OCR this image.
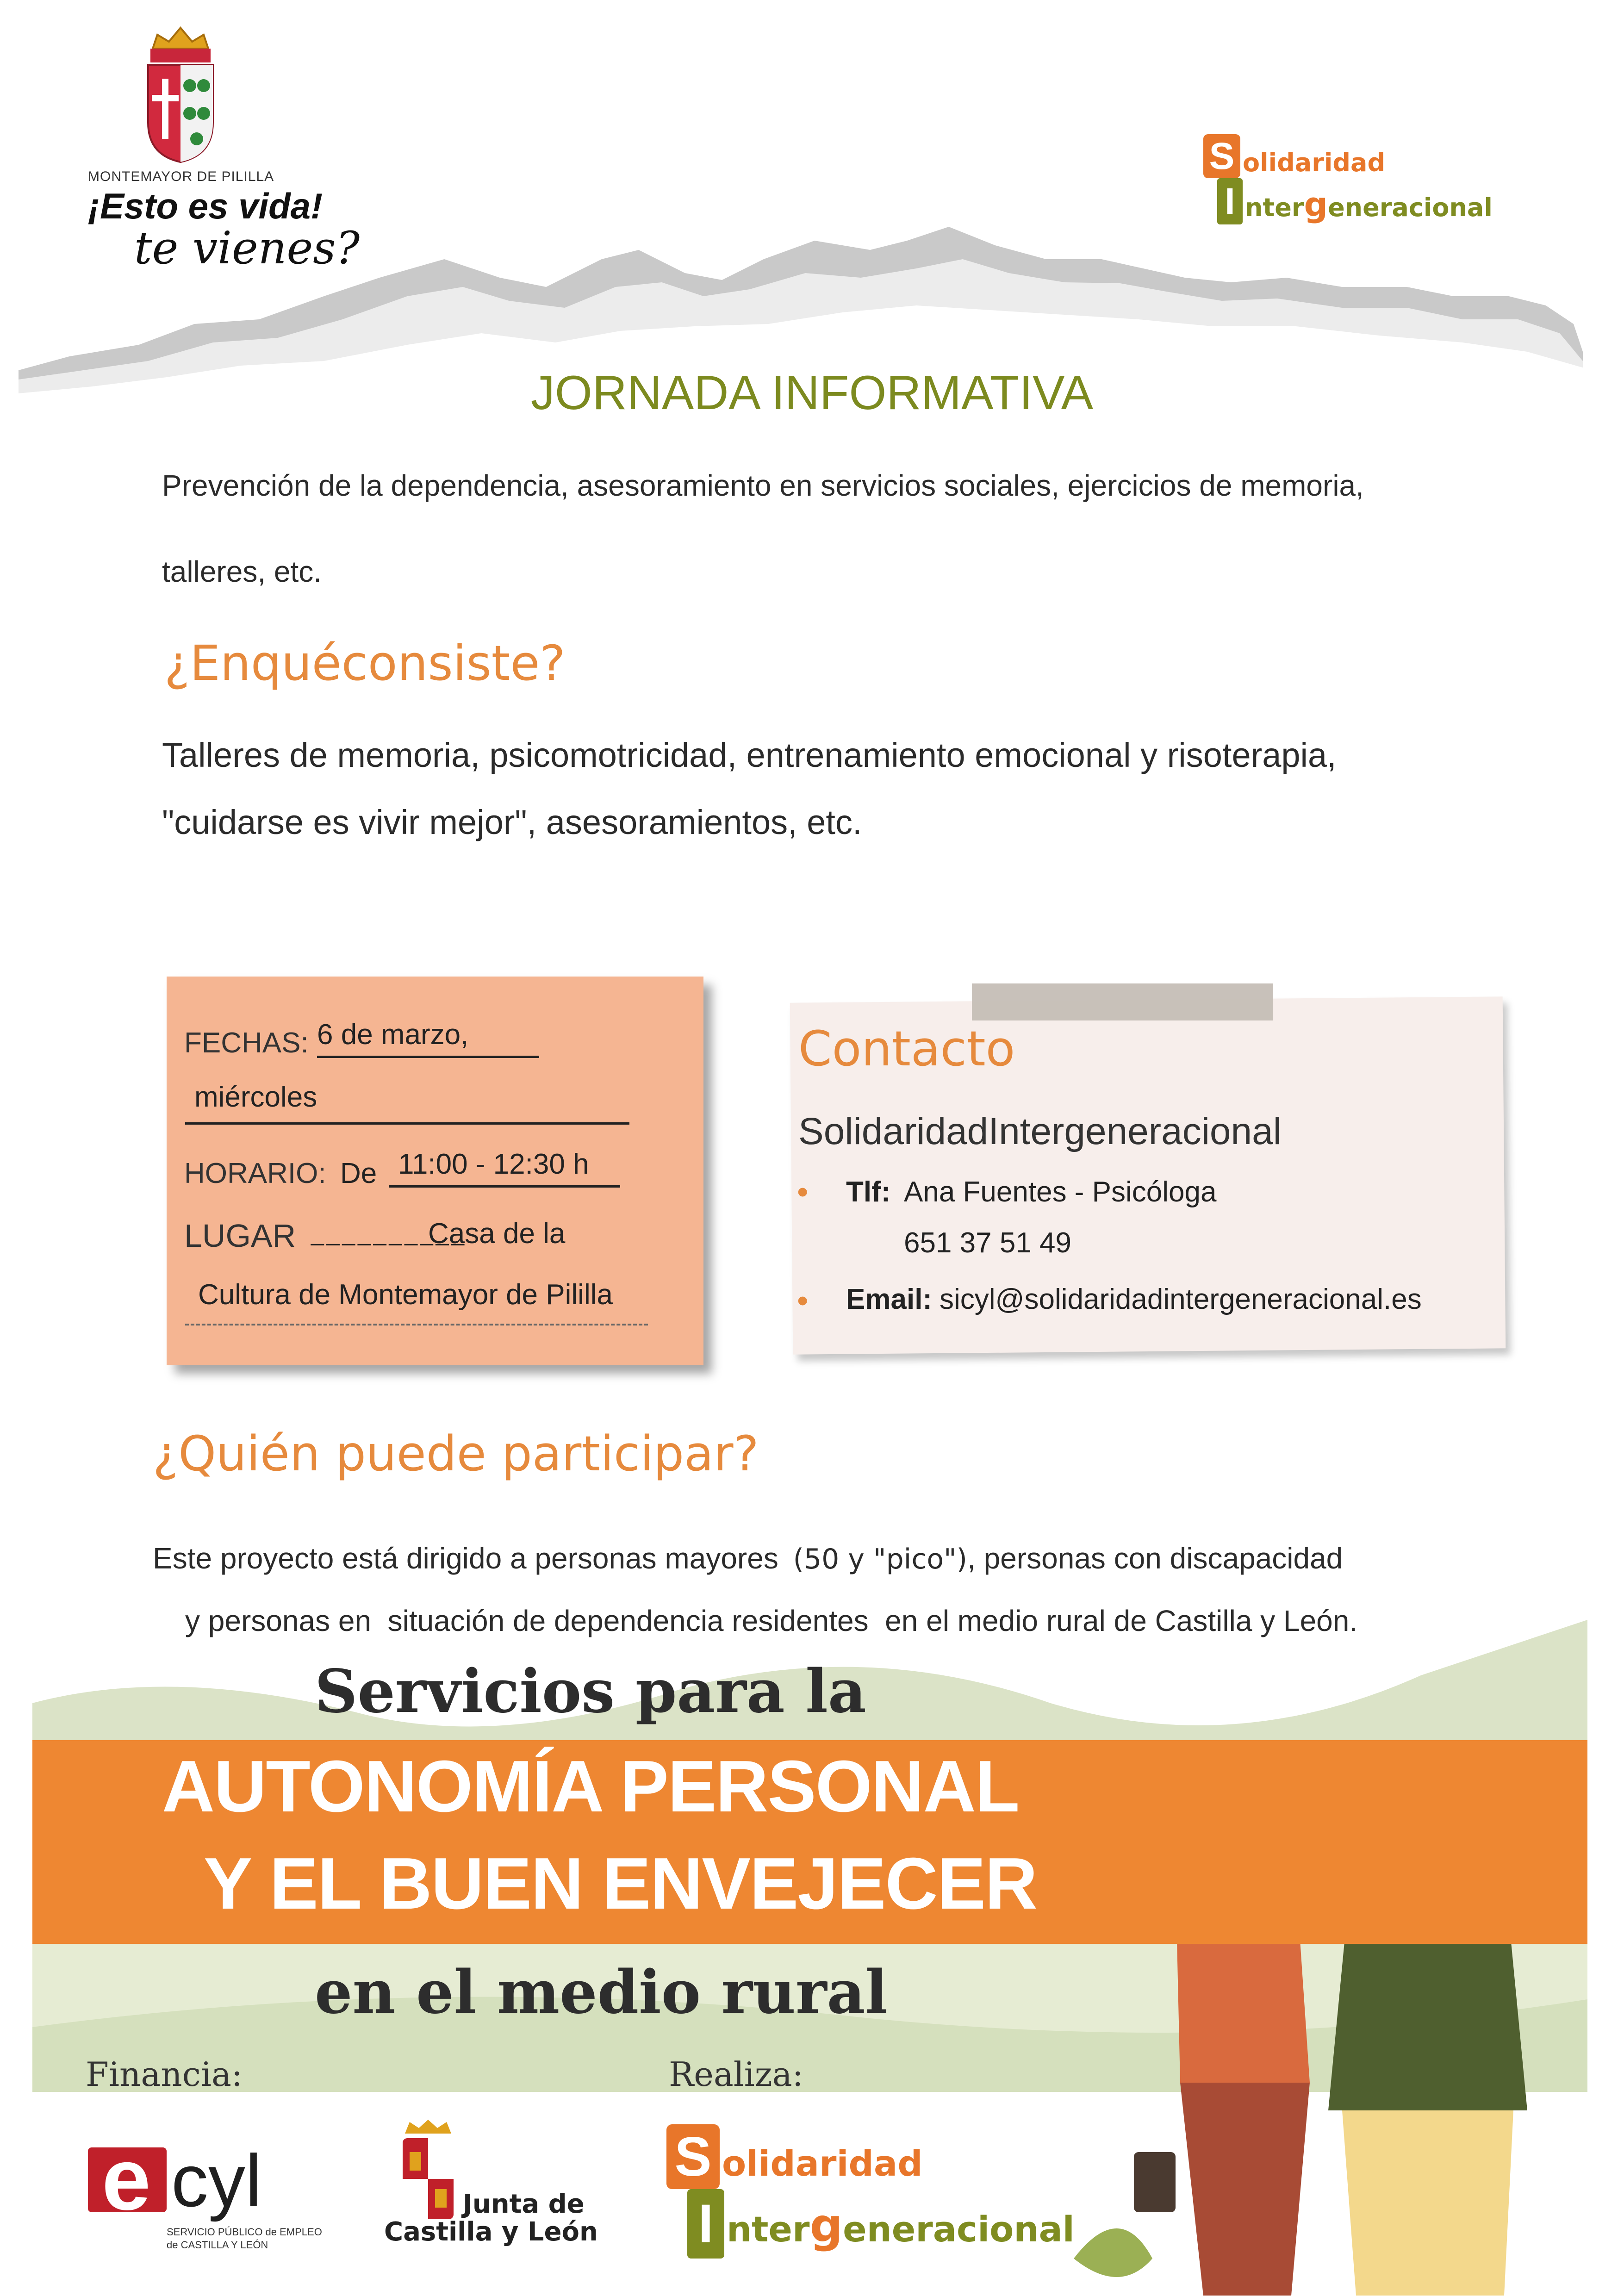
MONTEMAYOR DE PILILLA
¡Esto es vida!
te vienes?
S olidaridad
I ntergeneracional
JORNADA INFORMATIVA
Prevención de la dependencia, asesoramiento en servicios sociales, ejercicios de memoria,
talleres, etc.
¿Enquéconsiste?
Talleres de memoria, psicomotricidad, entrenamiento emocional y risoterapia,
"cuidarse es vivir mejor", asesoramientos, etc.
FECHAS: 6 de marzo,
miércoles
HORARIO: De 11:00 - 12:30 h
LUGAR _ _ _ _ _ _ _ _ _ _
Casa de la
Cultura de Montemayor de Pililla
Contacto
SolidaridadIntergeneracional
• Tlf: Ana Fuentes - Psicóloga
651 37 51 49
• Email: sicyl@solidaridadintergeneracional.es
¿Quién puede participar?
Este proyecto está dirigido a personas mayores (50 y "pico"), personas con discapacidad
y personas en  situación de dependencia residentes  en el medio rural de Castilla y León.
Servicios para la
AUTONOMÍA PERSONAL
Y EL BUEN ENVEJECER
en el medio rural
Financia:	Realiza:
e cyl
SERVICIO PÚBLICO de EMPLEO
de CASTILLA Y LEÓN
Junta de
Castilla y León
S olidaridad
I ntergeneracional
